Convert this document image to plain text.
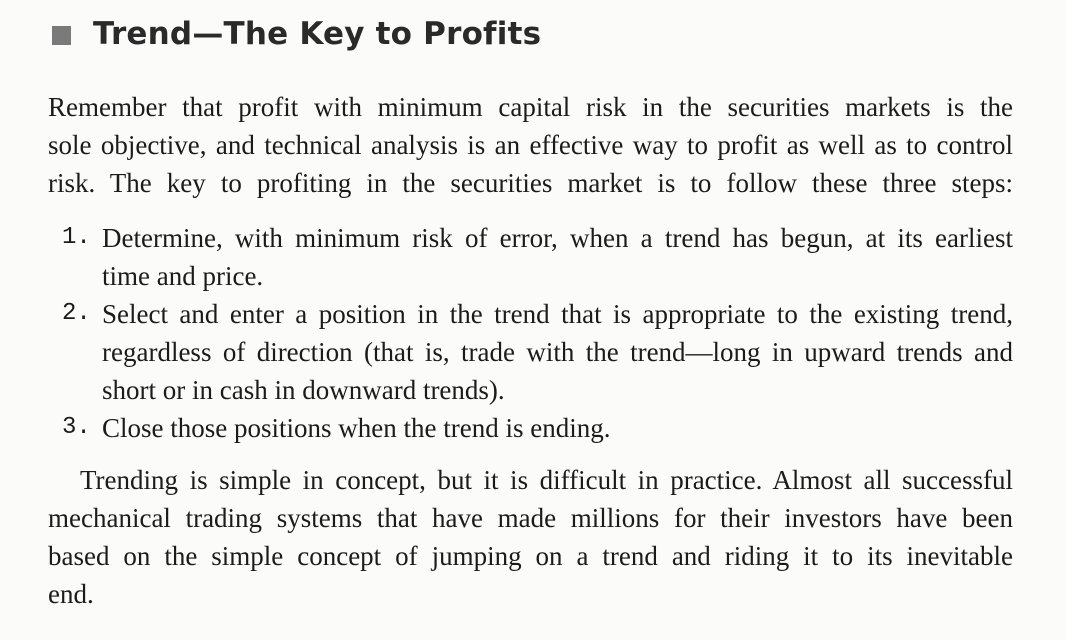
Trend—The Key to Profits

Remember that profit with minimum capital risk in the securities markets is the
sole objective, and technical analysis is an effective way to profit as well as to control
risk. The key to profiting in the securities market is to follow these three steps:

1. Determine, with minimum risk of error, when a trend has begun, at its earliest
time and price.
2. Select and enter a position in the trend that is appropriate to the existing trend,
regardless of direction (that is, trade with the trend—long in upward trends and
short or in cash in downward trends).
3. Close those positions when the trend is ending.

Trending is simple in concept, but it is difficult in practice. Almost all successful
mechanical trading systems that have made millions for their investors have been
based on the simple concept of jumping on a trend and riding it to its inevitable
end.
